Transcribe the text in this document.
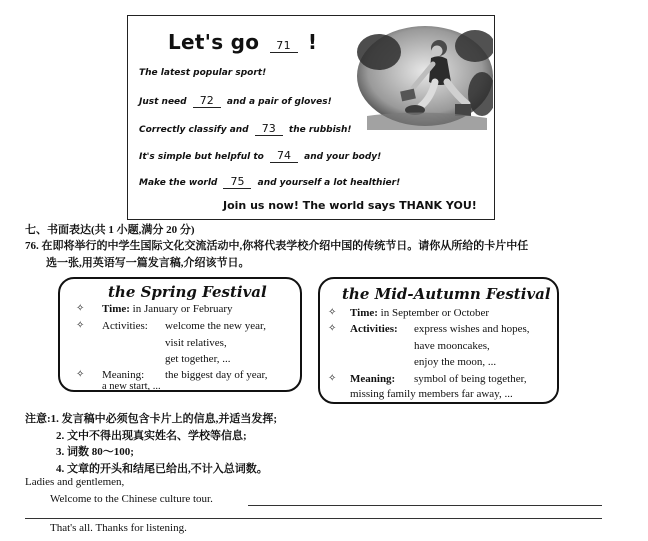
Let's go 71 !
The latest popular sport!
Just need 72 and a pair of gloves!
Correctly classify and 73 the rubbish!
It's simple but helpful to 74 and your body!
Make the world 75 and yourself a lot healthier!
Join us now! The world says THANK YOU!
七、书面表达(共 1 小题,满分 20 分)
76. 在即将举行的中学生国际文化交流活动中,你将代表学校介绍中国的传统节日。请你从所给的卡片中任
选一张,用英语写一篇发言稿,介绍该节日。
the Spring Festival
✧ Time: in January or February
✧ Activities: welcome the new year,
visit relatives,
get together, ...
✧ Meaning: the biggest day of year,
a new start, ...
the Mid-Autumn Festival
✧ Time: in September or October
✧ Activities: express wishes and hopes,
have mooncakes,
enjoy the moon, ...
✧ Meaning: symbol of being together,
missing family members far away, ...
注意:1. 发言稿中必须包含卡片上的信息,并适当发挥;
2. 文中不得出现真实姓名、学校等信息;
3. 词数 80～100;
4. 文章的开头和结尾已给出,不计入总词数。
Ladies and gentlemen,
Welcome to the Chinese culture tour.
That's all. Thanks for listening.
